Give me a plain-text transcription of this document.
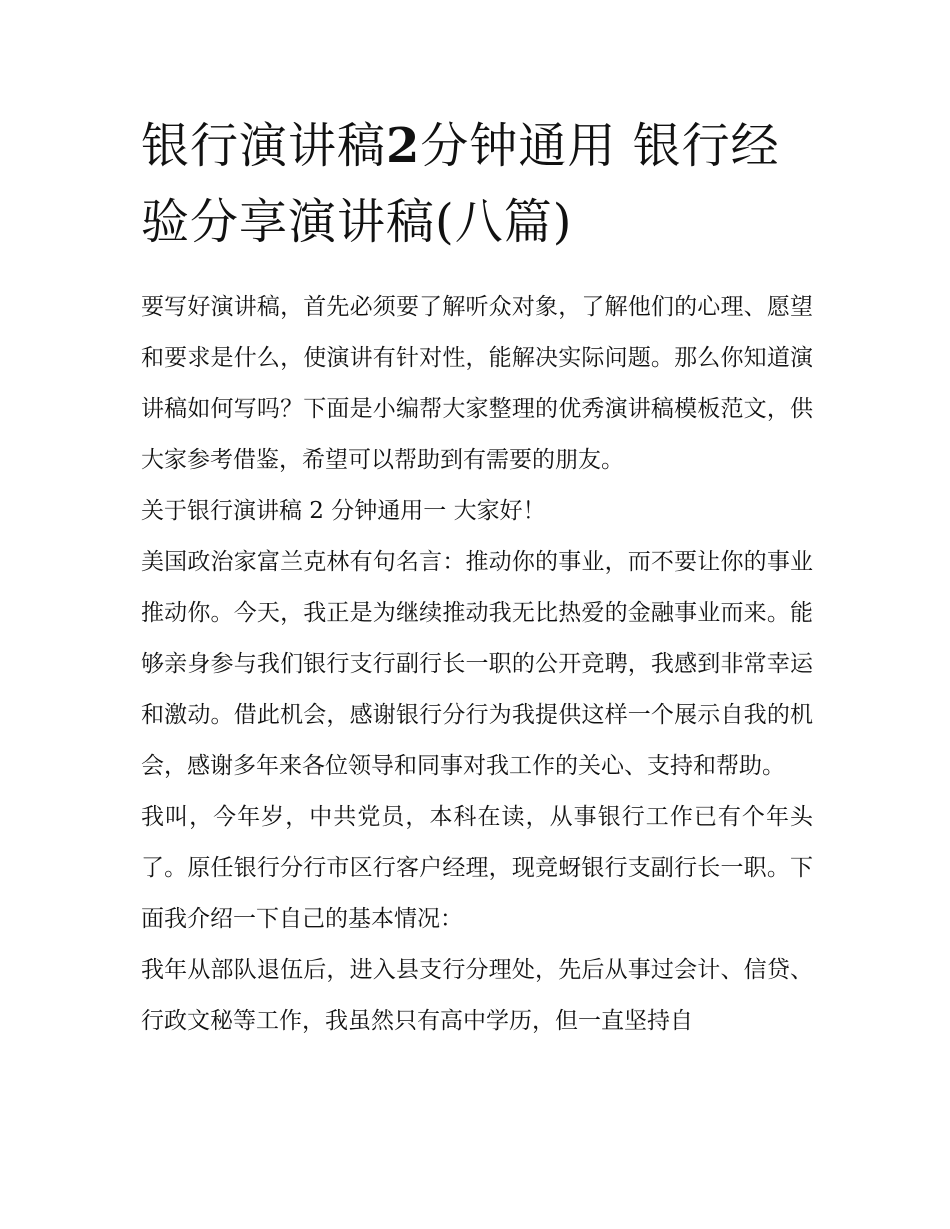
银行演讲稿2分钟通用 银行经验分享演讲稿(八篇)

要写好演讲稿，首先必须要了解听众对象，了解他们的心理、愿望和要求是什么，使演讲有针对性，能解决实际问题。那么你知道演讲稿如何写吗？下面是小编帮大家整理的优秀演讲稿模板范文，供大家参考借鉴，希望可以帮助到有需要的朋友。

关于银行演讲稿 2 分钟通用一 大家好！

美国政治家富兰克林有句名言：推动你的事业，而不要让你的事业推动你。今天，我正是为继续推动我无比热爱的金融事业而来。能够亲身参与我们银行支行副行长一职的公开竞聘，我感到非常幸运和激动。借此机会，感谢银行分行为我提供这样一个展示自我的机会，感谢多年来各位领导和同事对我工作的关心、支持和帮助。

我叫，今年岁，中共党员，本科在读，从事银行工作已有个年头了。原任银行分行市区行客户经理，现竞蚜银行支副行长一职。下面我介绍一下自己的基本情况：

我年从部队退伍后，进入县支行分理处，先后从事过会计、信贷、行政文秘等工作，我虽然只有高中学历，但一直坚持自
